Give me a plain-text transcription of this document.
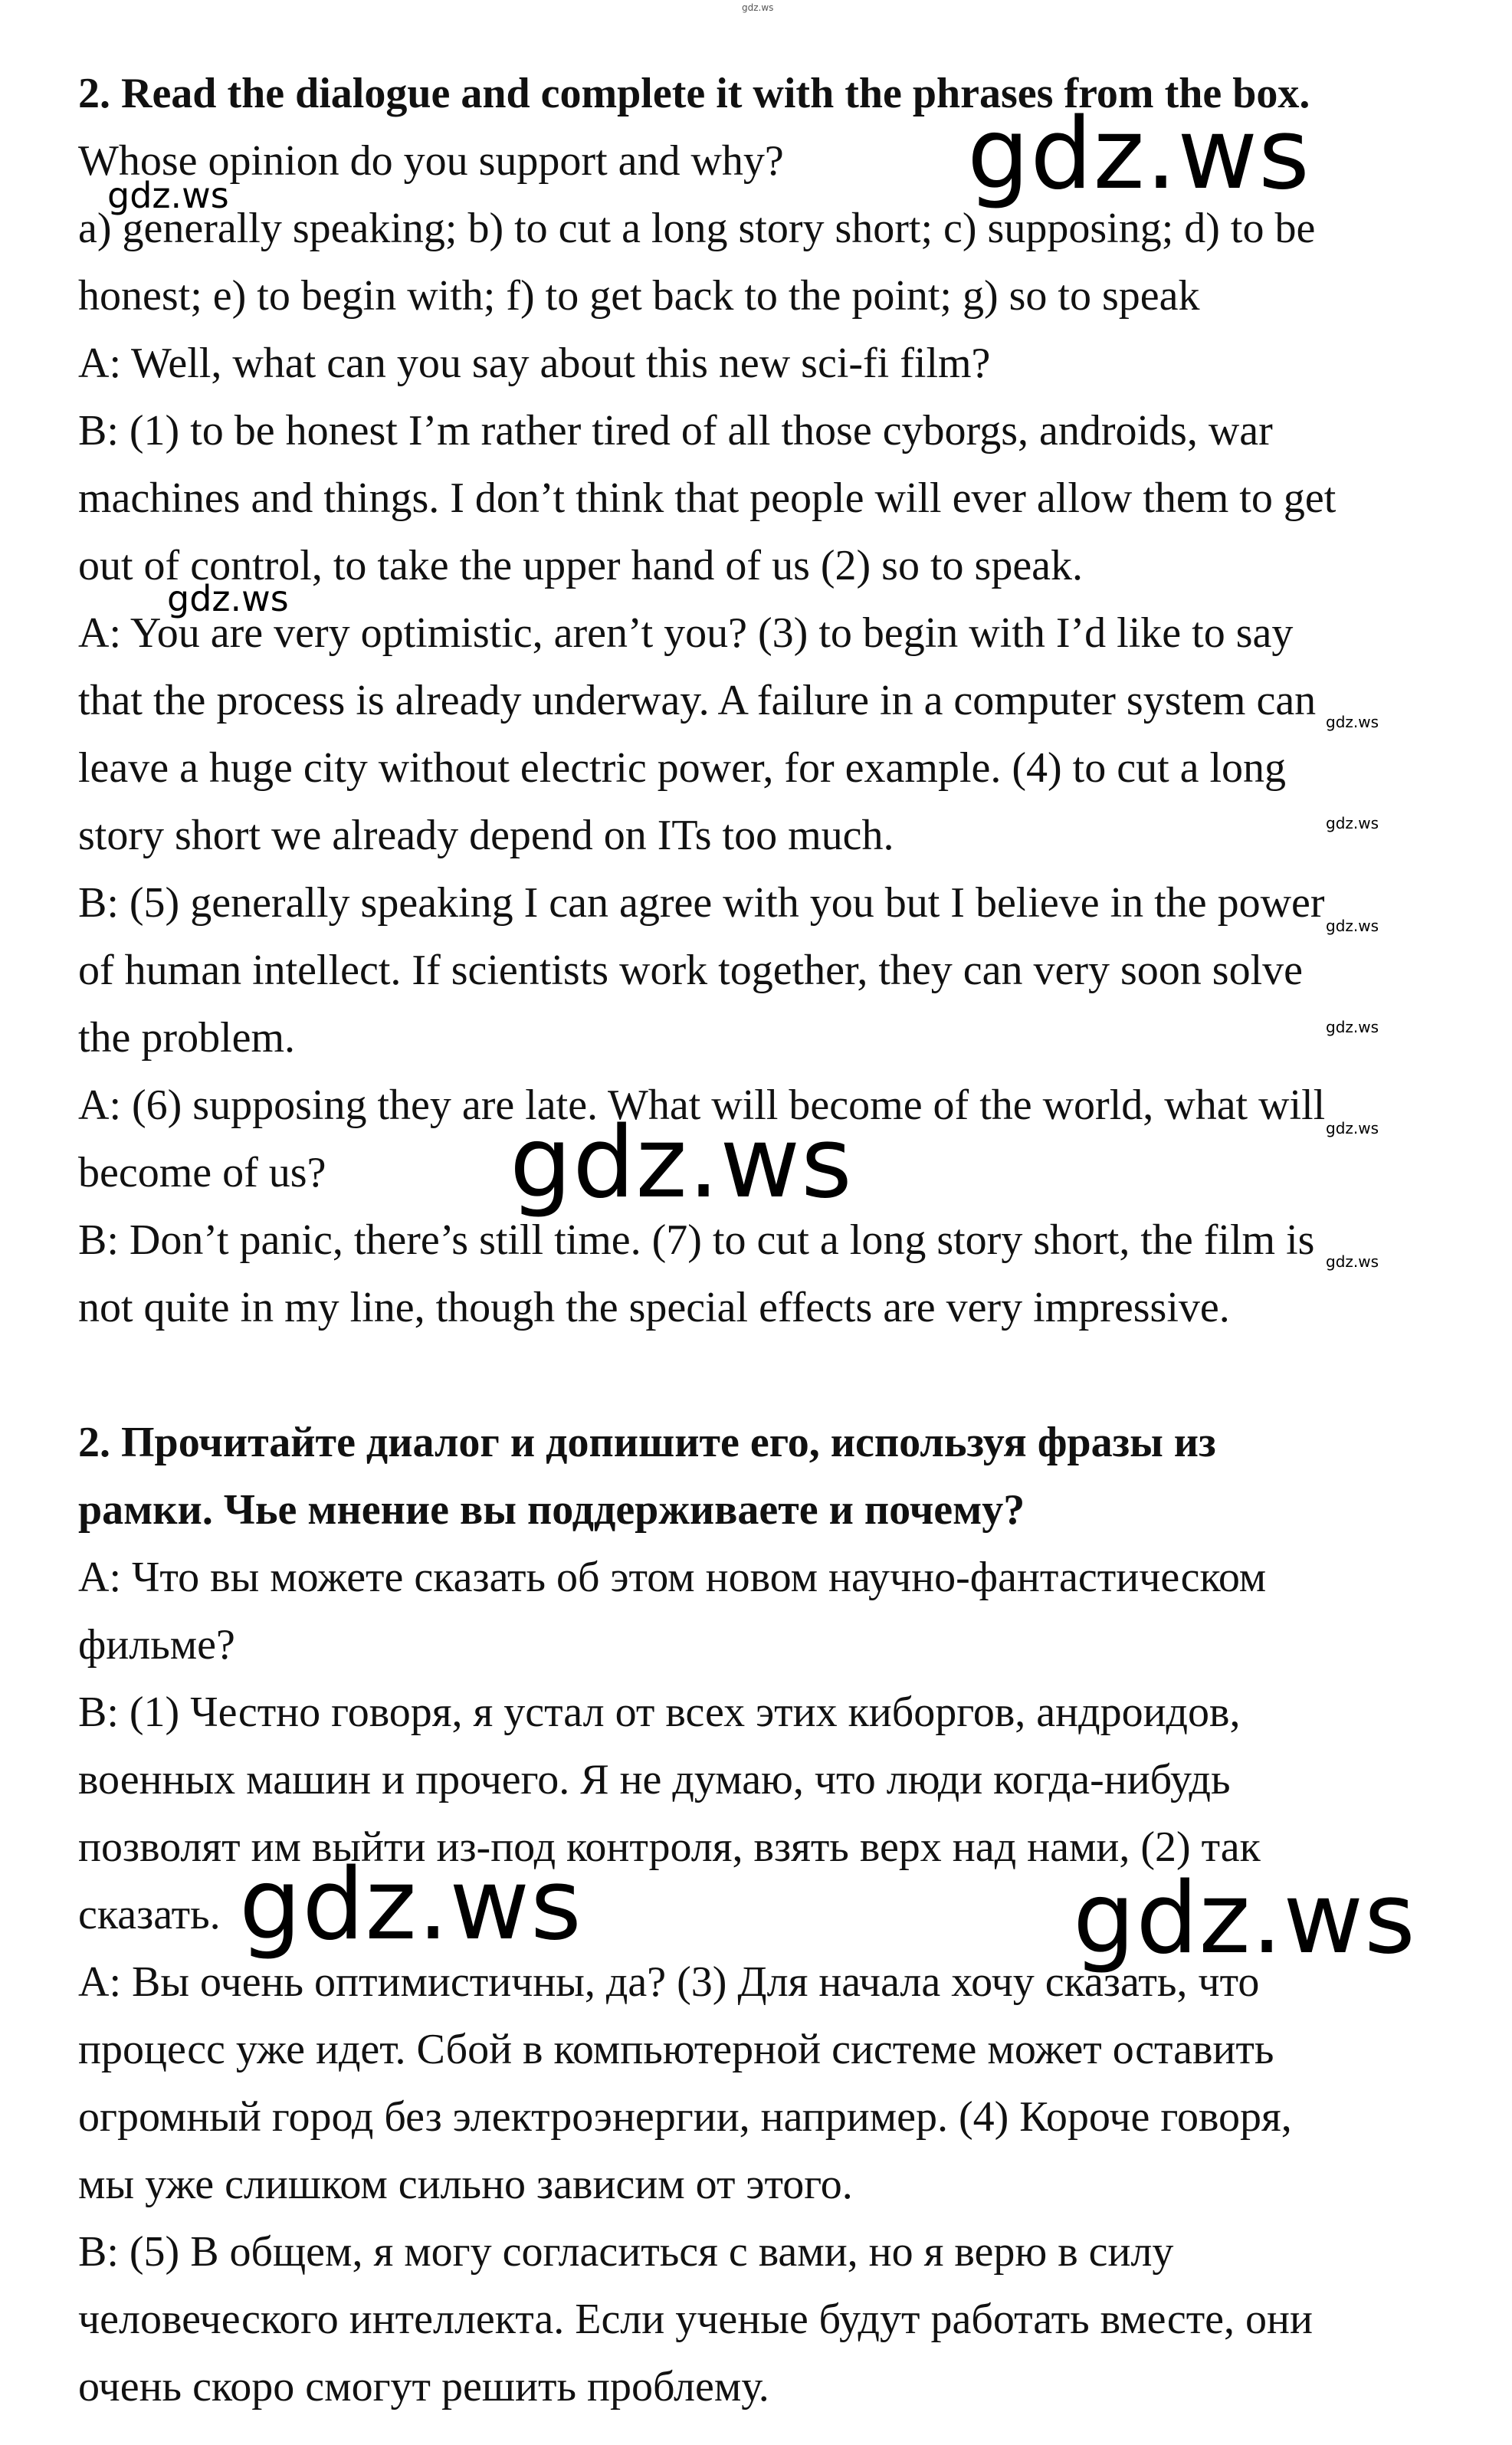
2. Read the dialogue and complete it with the phrases from the box.
Whose opinion do you support and why?
a) generally speaking; b) to cut a long story short; c) supposing; d) to be
honest; e) to begin with; f) to get back to the point; g) so to speak
A: Well, what can you say about this new sci-fi film?
B: (1) to be honest I’m rather tired of all those cyborgs, androids, war
machines and things. I don’t think that people will ever allow them to get
out of control, to take the upper hand of us (2) so to speak.
A: You are very optimistic, aren’t you? (3) to begin with I’d like to say
that the process is already underway. A failure in a computer system can
leave a huge city without electric power, for example. (4) to cut a long
story short we already depend on ITs too much.
B: (5) generally speaking I can agree with you but I believe in the power
of human intellect. If scientists work together, they can very soon solve
the problem.
A: (6) supposing they are late. What will become of the world, what will
become of us?
B: Don’t panic, there’s still time. (7) to cut a long story short, the film is
not quite in my line, though the special effects are very impressive.
2. Прочитайте диалог и допишите его, используя фразы из
рамки. Чье мнение вы поддерживаете и почему?
A: Что вы можете сказать об этом новом научно-фантастическом
фильме?
B: (1) Честно говоря, я устал от всех этих киборгов, андроидов,
военных машин и прочего. Я не думаю, что люди когда-нибудь
позволят им выйти из-под контроля, взять верх над нами, (2) так
сказать.
A: Вы очень оптимистичны, да? (3) Для начала хочу сказать, что
процесс уже идет. Сбой в компьютерной системе может оставить
огромный город без электроэнергии, например. (4) Короче говоря,
мы уже слишком сильно зависим от этого.
B: (5) В общем, я могу согласиться с вами, но я верю в силу
человеческого интеллекта. Если ученые будут работать вместе, они
очень скоро смогут решить проблему.
gdz.ws
gdz.ws
gdz.ws
gdz.ws
gdz.ws
gdz.ws
gdz.ws
gdz.ws
gdz.ws
gdz.ws
gdz.ws
gdz.ws	gdz.ws
